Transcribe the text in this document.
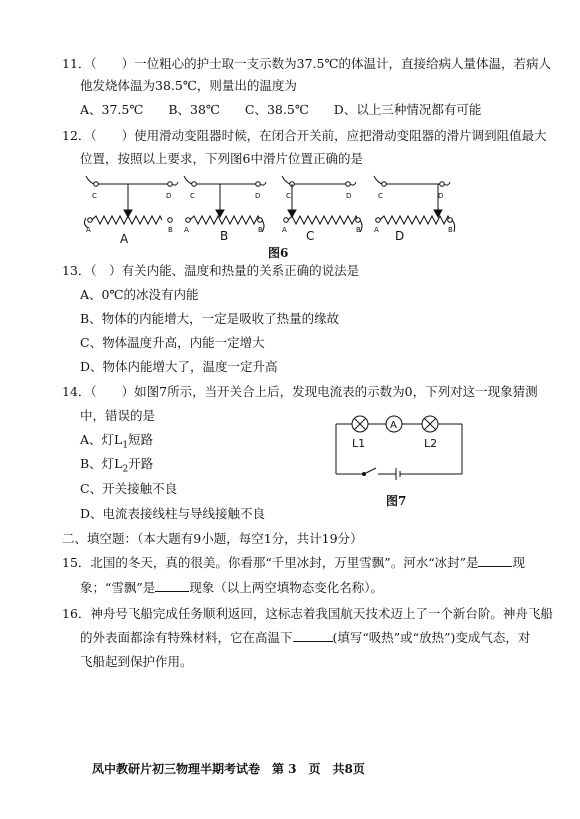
11．（　　）一位粗心的护士取一支示数为37.5℃的体温计，直接给病人量体温，若病人
他发烧体温为38.5℃，则量出的温度为
A、37.5℃　　B、38℃　　C、38.5℃　　D、以上三种情况都有可能
12．（　　）使用滑动变阻器时候，在闭合开关前，应把滑动变阻器的滑片调到阻值最大
位置，按照以上要求，下列图6中滑片位置正确的是
C	D
A	B
C	D
A	B
C	D
A	B
C	D
A	B
A	B	C	D
图6
13．（　）有关内能、温度和热量的关系正确的说法是
A、0℃的冰没有内能
B、物体的内能增大，一定是吸收了热量的缘故
C、物体温度升高，内能一定增大
D、物体内能增大了，温度一定升高
14．（　　）如图7所示，当开关合上后，发现电流表的示数为0，下列对这一现象猜测
中，错误的是
A、灯$L_1$短路
B、灯$L_2$开路
C、开关接触不良
D、电流表接线柱与导线接触不良
A
L1	L2
图7
二、填空题：（本大题有9小题，每空1分，共计19分）
15．北国的冬天，真的很美。你看那“千里冰封，万里雪飘”。河水“冰封”是	现
象；“雪飘”是	现象（以上两空填物态变化名称）。
16．神舟号飞船完成任务顺利返回，这标志着我国航天技术迈上了一个新台阶。神舟飞船
的外表面都涂有特殊材料，它在高温下	(填写“吸热”或“放热”)变成气态，对
飞船起到保护作用。
凤中教研片初三物理半期考试卷　第 3　页　共8页
